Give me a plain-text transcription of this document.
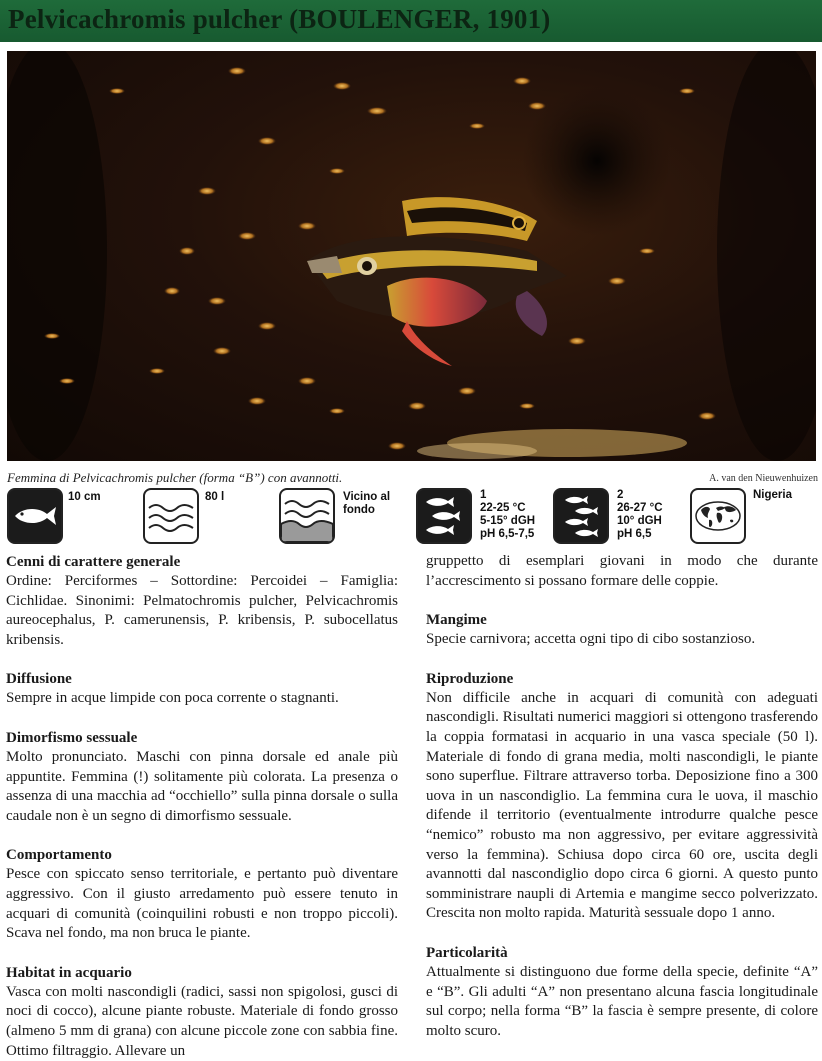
Pelvicachromis pulcher (BOULENGER, 1901)
Femmina di Pelvicachromis pulcher (forma “B”) con avannotti.	A. van den Nieuwenhuizen
10 cm	80 l	Vicino al
fondo
1
22-25 °C
5-15° dGH
pH 6,5-7,5
2
26-27 °C
10° dGH
pH 6,5
Nigeria
Cenni di carattere generale

Ordine: Perciformes – Sottordine: Percoidei – Famiglia: Cichlidae. Sinonimi: Pelmatochromis pulcher, Pelvicachromis aureocephalus, P. camerunensis, P. kribensis, P. subocellatus kribensis.

Diffusione

Sempre in acque limpide con poca corrente o stagnanti.

Dimorfismo sessuale

Molto pronunciato. Maschi con pinna dorsale ed anale più appuntite. Femmina (!) solitamente più colorata. La presenza o assenza di una macchia ad “occhiello” sulla pinna dorsale o sulla caudale non è un segno di dimorfismo sessuale.

Comportamento

Pesce con spiccato senso territoriale, e pertanto può diventare aggressivo. Con il giusto arredamento può essere tenuto in acquari di comunità (coinquilini robusti e non troppo piccoli). Scava nel fondo, ma non bruca le piante.

Habitat in acquario

Vasca con molti nascondigli (radici, sassi non spigolosi, gusci di noci di cocco), alcune piante robuste. Materiale di fondo grosso (almeno 5 mm di grana) con alcune piccole zone con sabbia fine. Ottimo filtraggio. Allevare un

gruppetto di esemplari giovani in modo che durante l’accrescimento si possano formare delle coppie.

Mangime

Specie carnivora; accetta ogni tipo di cibo sostanzioso.

Riproduzione

Non difficile anche in acquari di comunità con adeguati nascondigli. Risultati numerici maggiori si ottengono trasferendo la coppia formatasi in acquario in una vasca speciale (50 l). Materiale di fondo di grana media, molti nascondigli, le piante sono superflue. Filtrare attraverso torba. Deposizione fino a 300 uova in un nascondiglio. La femmina cura le uova, il maschio difende il territorio (eventualmente introdurre qualche pesce “nemico” robusto ma non aggressivo, per evitare aggressività verso la femmina). Schiusa dopo circa 60 ore, uscita degli avannotti dal nascondiglio dopo circa 6 giorni. A questo punto somministrare naupli di Artemia e mangime secco polverizzato. Crescita non molto rapida. Maturità sessuale dopo 1 anno.

Particolarità

Attualmente si distinguono due forme della specie, definite “A” e “B”. Gli adulti “A” non presentano alcuna fascia longitudinale sul corpo; nella forma “B” la fascia è sempre presente, di colore molto scuro.
